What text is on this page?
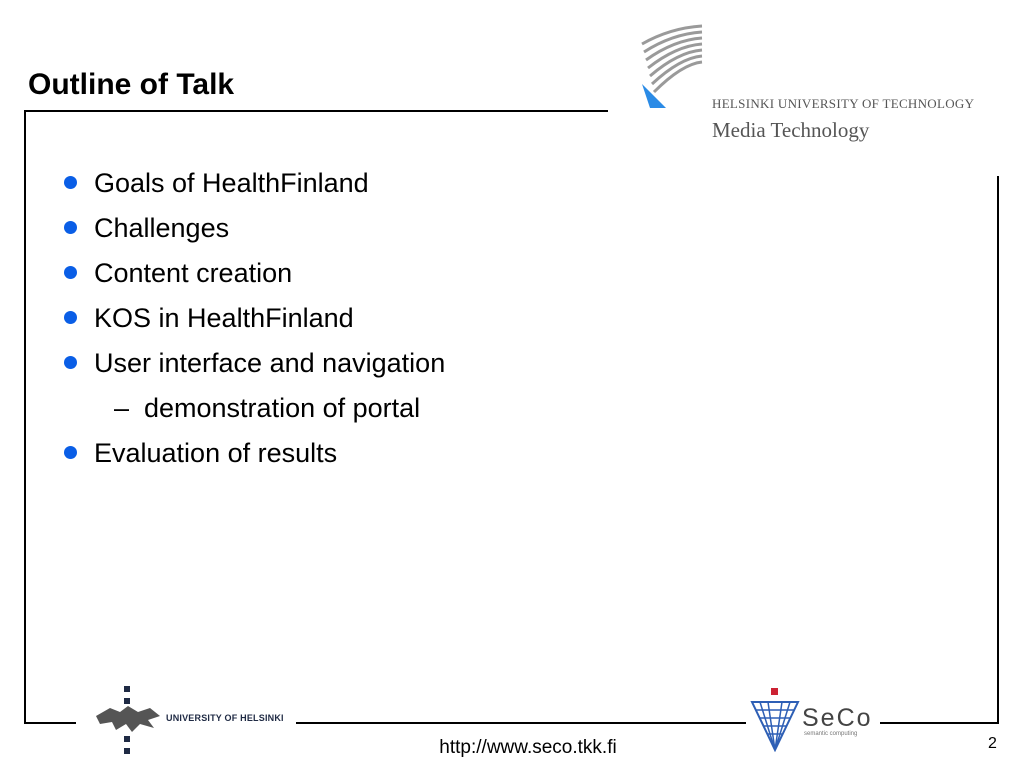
Outline of Talk
Goals of HealthFinland
Challenges
Content creation
KOS in HealthFinland
User interface and navigation
– demonstration of portal
Evaluation of results
HELSINKI UNIVERSITY OF TECHNOLOGY
Media Technology
UNIVERSITY OF HELSINKI	SeCo
semantic computing
http://www.seco.tkk.fi	2
